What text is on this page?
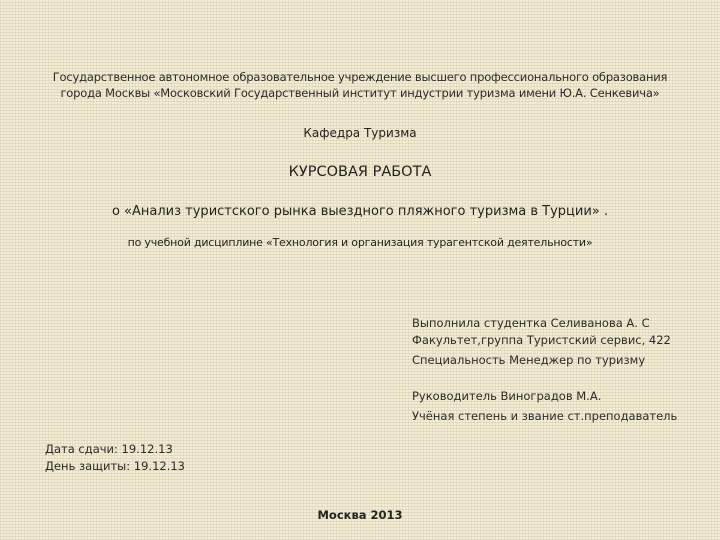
Государственное автономное образовательное учреждение высшего профессионального образования
города Москвы «Московский Государственный институт индустрии туризма имени Ю.А. Сенкевича»
Кафедра Туризма
КУРСОВАЯ РАБОТА
о «Анализ туристского рынка выездного пляжного туризма в Турции» .
по учебной дисциплине «Технология и организация турагентской деятельности»
Выполнила студентка Селиванова А. С
Факультет,группа Туристский сервис, 422
Специальность Менеджер по туризму
Руководитель Виноградов М.А.
Учёная степень и звание ст.преподаватель
Дата сдачи: 19.12.13
День защиты: 19.12.13
Москва 2013
